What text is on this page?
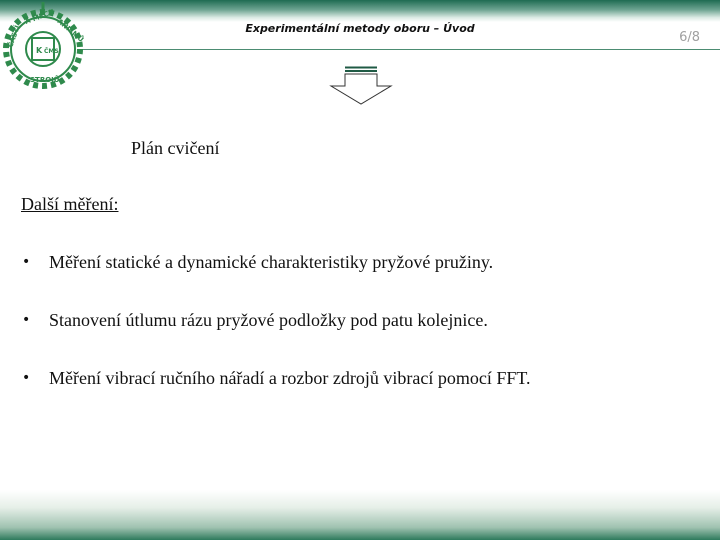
ČÁSTÍ
A MECH
ANISMŮ
STROJŮ
K ČMS
Experimentální metody oboru – Úvod
6/8
Plán cvičení
Další měření:
• Měření statické a dynamické charakteristiky pryžové pružiny.
• Stanovení útlumu rázu pryžové podložky pod patu kolejnice.
• Měření vibrací ručního nářadí a rozbor zdrojů vibrací pomocí FFT.
